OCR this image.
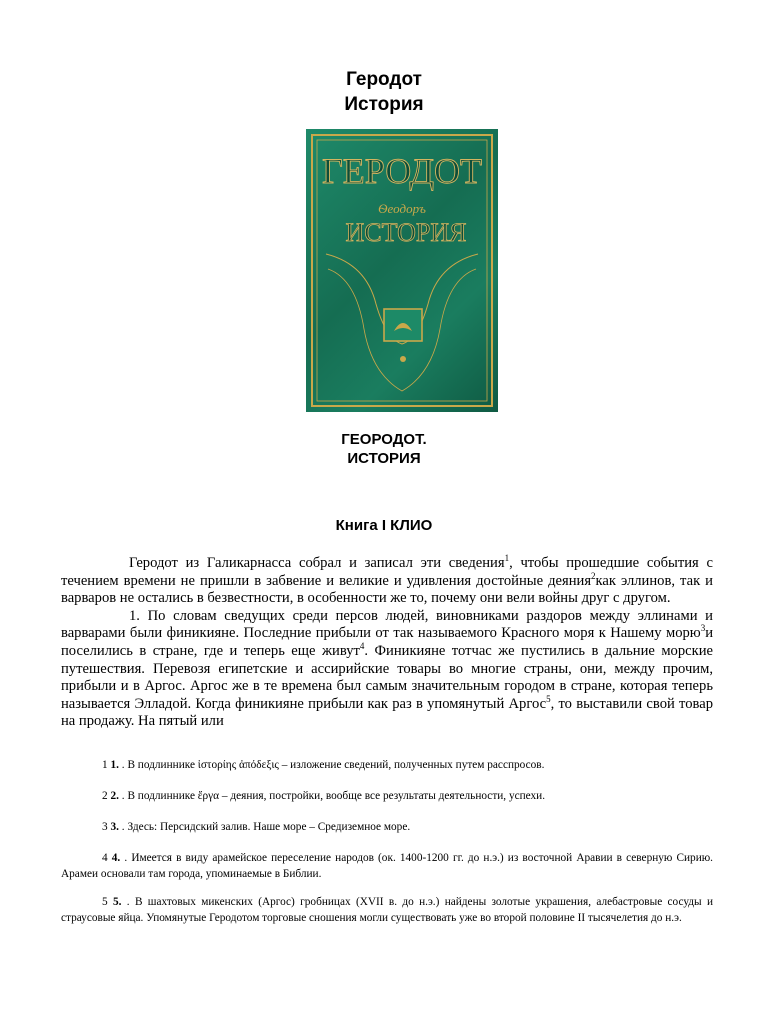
Геродот
История
ГЕРОДОТ
Ѳеодоръ
ИСТОРИЯ
ГЕОРОДОТ.
ИСТОРИЯ
Книга I КЛИО

Геродот из Галикарнасса собрал и записал эти сведения$^1$, чтобы прошедшие события с течением времени не пришли в забвение и великие и удивления достойные деяния$^2$как эллинов, так и варваров не остались в безвестности, в особенности же то, почему они вели войны друг с другом.

1. По словам сведущих среди персов людей, виновниками раздоров между эллинами и варварами были финикияне. Последние прибыли от так называемого Красного моря к Нашему морю$^3$и поселились в стране, где и теперь еще живут$^4$. Финикияне тотчас же пустились в дальние морские путешествия. Перевозя египетские и ассирийские товары во многие страны, они, между прочим, прибыли и в Аргос. Аргос же в те времена был самым значительным городом в стране, которая теперь называется Элладой. Когда финикияне прибыли как раз в упомянутый Аргос$^5$, то выставили свой товар на продажу. На пятый или

1 1. . В подлиннике ἱστορίης ἀπόδεξις – изложение сведений, полученных путем расспросов.
2 2. . В подлиннике ἔργα – деяния, постройки, вообще все результаты деятельности, успехи.
3 3. . Здесь: Персидский залив. Наше море – Средиземное море.
4 4. . Имеется в виду арамейское переселение народов (ок. 1400-1200 гг. до н.э.) из восточной Аравии в северную Сирию. Арамеи основали там города, упоминаемые в Библии.
5 5. . В шахтовых микенских (Аргос) гробницах (XVII в. до н.э.) найдены золотые украшения, алебастровые сосуды и страусовые яйца. Упомянутые Геродотом торговые сношения могли существовать уже во второй половине II тысячелетия до н.э.
